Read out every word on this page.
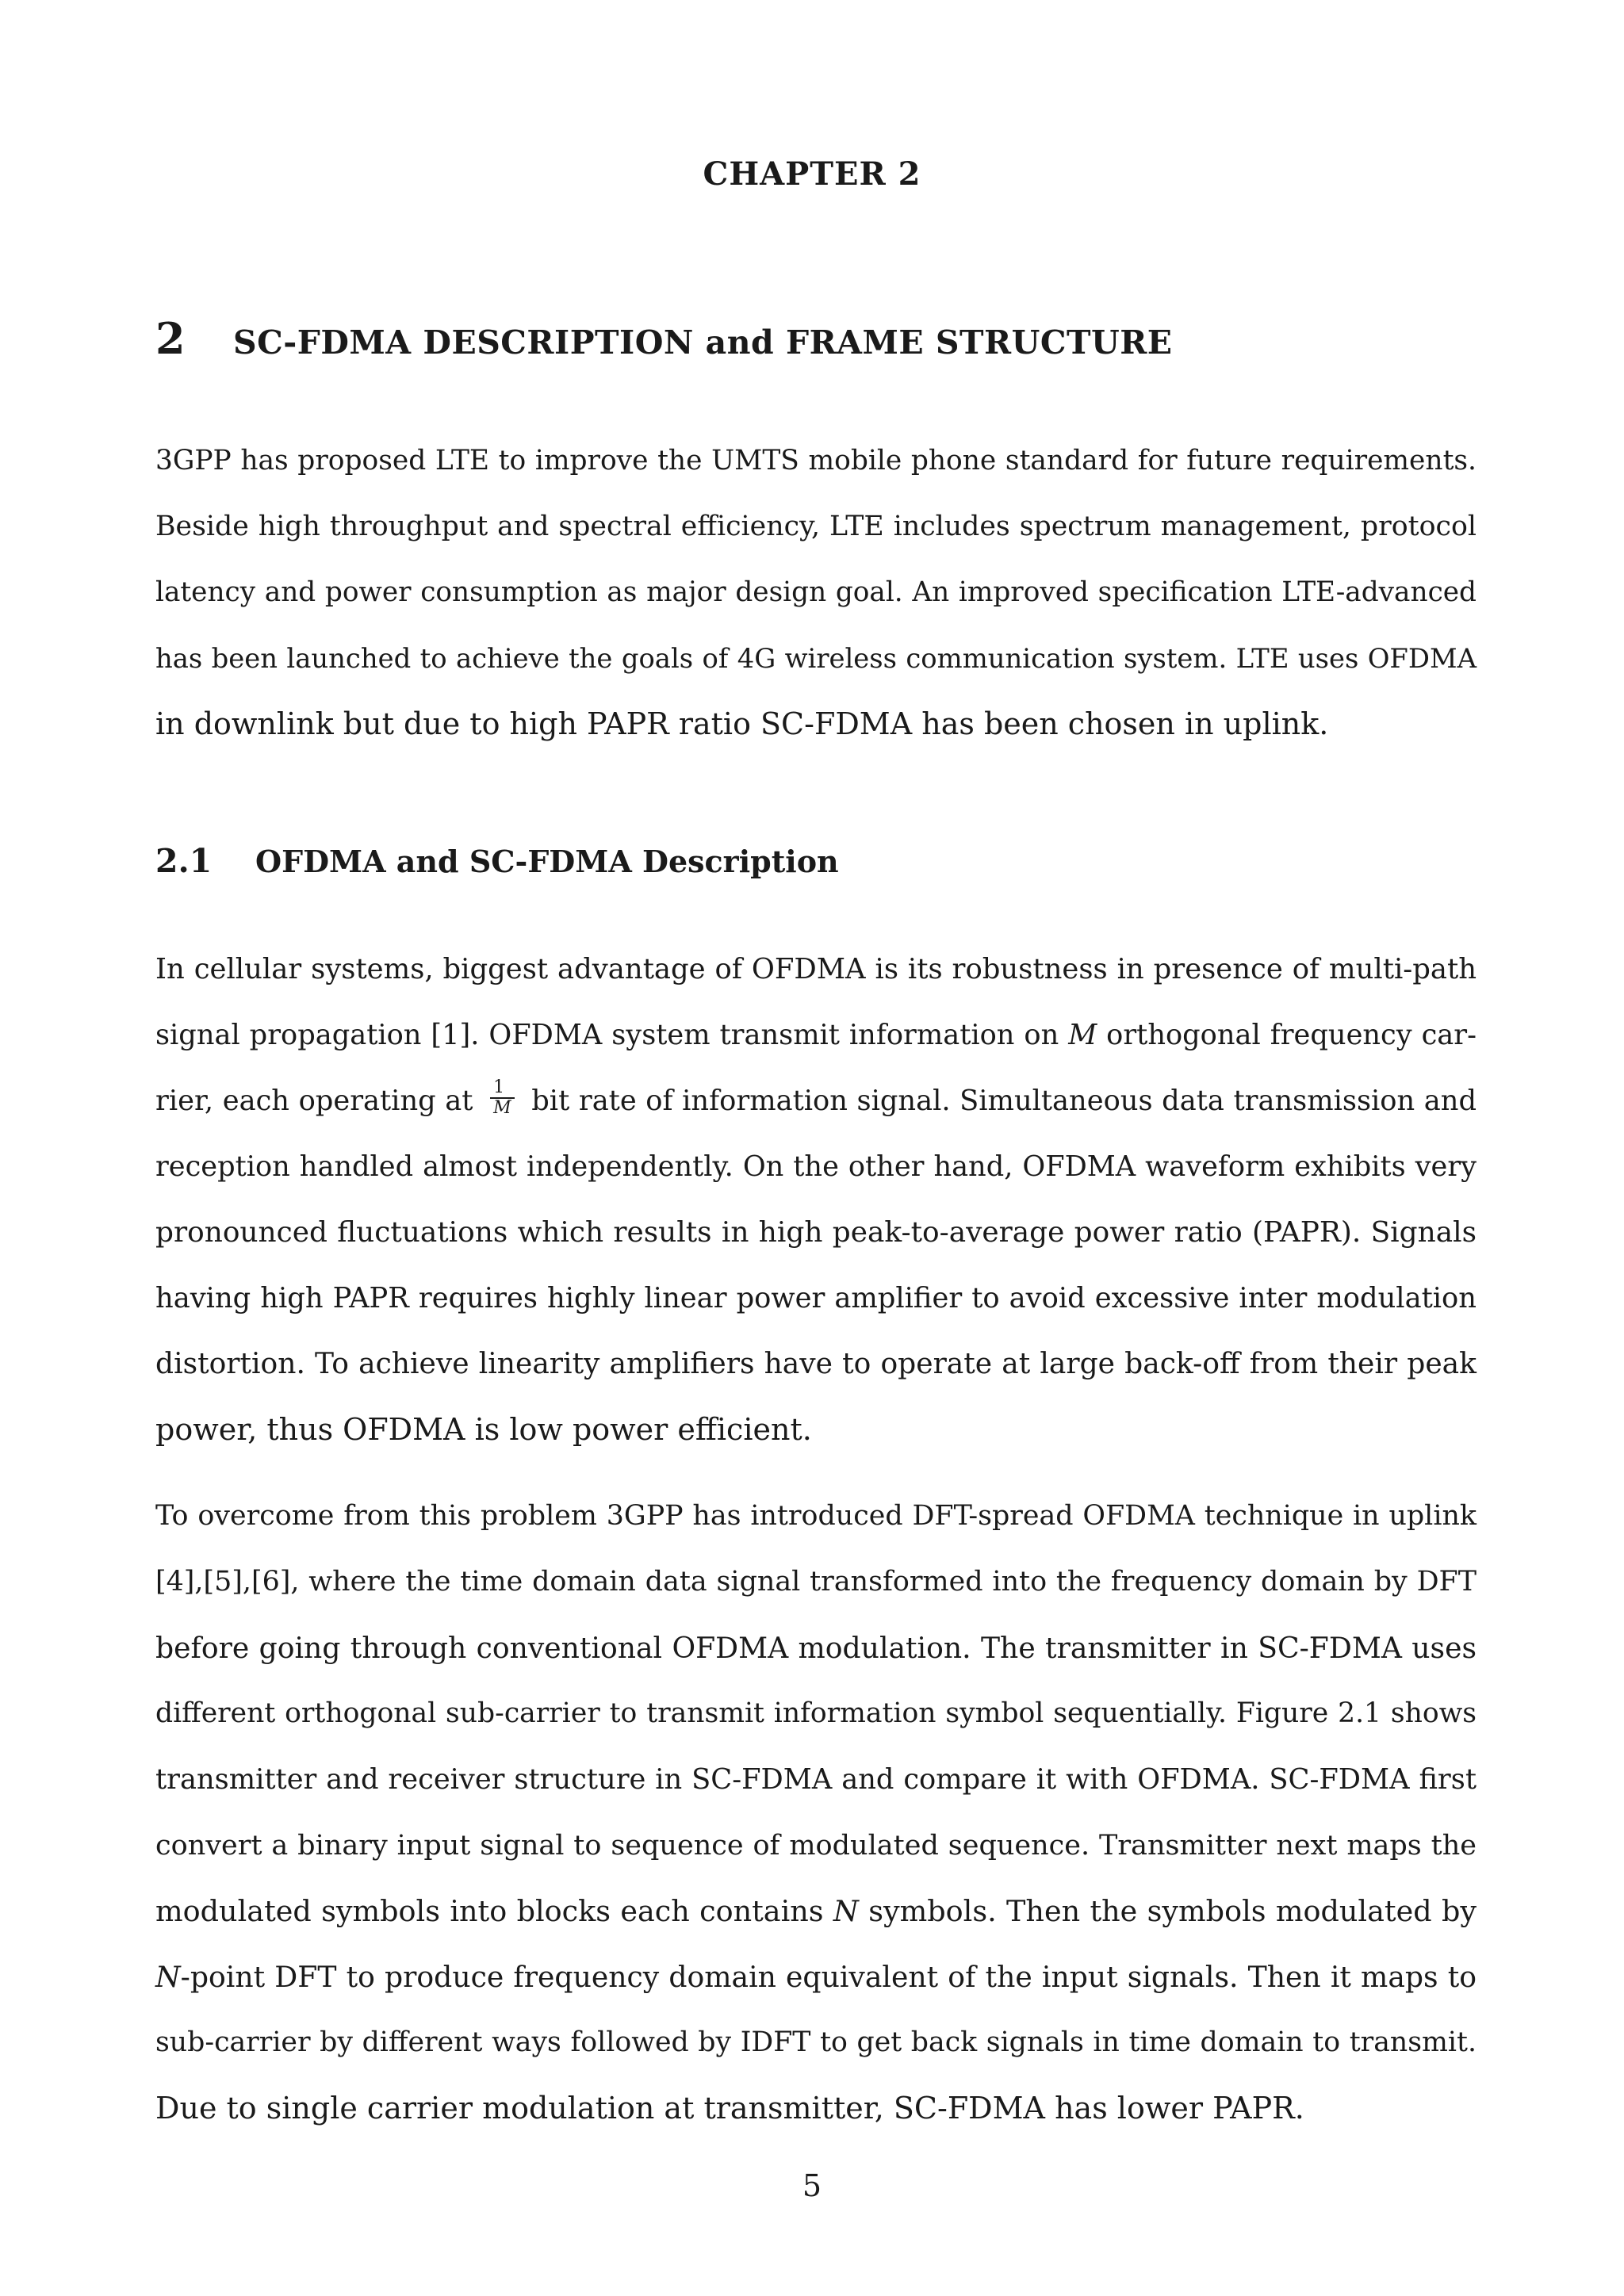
CHAPTER 2
2 SC-FDMA DESCRIPTION and FRAME STRUCTURE
3GPP has proposed LTE to improve the UMTS mobile phone standard for future requirements.
Beside high throughput and spectral efficiency, LTE includes spectrum management, protocol
latency and power consumption as major design goal. An improved specification LTE-advanced
has been launched to achieve the goals of 4G wireless communication system. LTE uses OFDMA
in downlink but due to high PAPR ratio SC-FDMA has been chosen in uplink.
2.1 OFDMA and SC-FDMA Description
In cellular systems, biggest advantage of OFDMA is its robustness in presence of multi-path
signal propagation [1]. OFDMA system transmit information on M orthogonal frequency car-
rier, each operating at $\frac{1}{M}$ bit rate of information signal. Simultaneous data transmission and
reception handled almost independently. On the other hand, OFDMA waveform exhibits very
pronounced fluctuations which results in high peak-to-average power ratio (PAPR). Signals
having high PAPR requires highly linear power amplifier to avoid excessive inter modulation
distortion. To achieve linearity amplifiers have to operate at large back-off from their peak
power, thus OFDMA is low power efficient.
To overcome from this problem 3GPP has introduced DFT-spread OFDMA technique in uplink
[4],[5],[6], where the time domain data signal transformed into the frequency domain by DFT
before going through conventional OFDMA modulation. The transmitter in SC-FDMA uses
different orthogonal sub-carrier to transmit information symbol sequentially. Figure 2.1 shows
transmitter and receiver structure in SC-FDMA and compare it with OFDMA. SC-FDMA first
convert a binary input signal to sequence of modulated sequence. Transmitter next maps the
modulated symbols into blocks each contains N symbols. Then the symbols modulated by
N-point DFT to produce frequency domain equivalent of the input signals. Then it maps to
sub-carrier by different ways followed by IDFT to get back signals in time domain to transmit.
Due to single carrier modulation at transmitter, SC-FDMA has lower PAPR.
5
